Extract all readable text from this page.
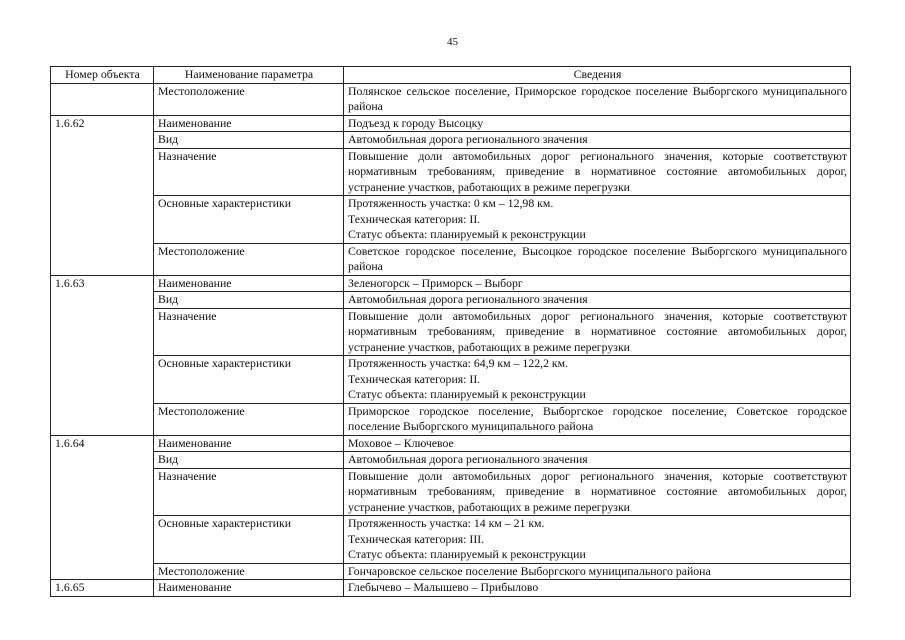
45
Номер объекта	Наименование параметра	Сведения
	Местоположение	Полянское сельское поселение, Приморское городское поселение Выборгского муниципального района

1.6.62	Наименование	Подъезд к городу Высоцку

	Вид	Автомобильная дорога регионального значения

	Назначение	Повышение доли автомобильных дорог регионального значения, которые соответствуют нормативным требованиям, приведение в нормативное состояние автомобильных дорог, устранение участков, работающих в режиме перегрузки

	Основные характеристики	Протяженность участка: 0 км – 12,98 км.
Техническая категория: II.
Статус объекта: планируемый к реконструкции

	Местоположение	Советское городское поселение, Высоцкое городское поселение Выборгского муниципального района

1.6.63	Наименование	Зеленогорск – Приморск – Выборг

	Вид	Автомобильная дорога регионального значения

	Назначение	Повышение доли автомобильных дорог регионального значения, которые соответствуют нормативным требованиям, приведение в нормативное состояние автомобильных дорог, устранение участков, работающих в режиме перегрузки

	Основные характеристики	Протяженность участка: 64,9 км – 122,2 км.
Техническая категория: II.
Статус объекта: планируемый к реконструкции

	Местоположение	Приморское городское поселение, Выборгское городское поселение, Советское городское поселение Выборгского муниципального района

1.6.64	Наименование	Моховое – Ключевое

	Вид	Автомобильная дорога регионального значения

	Назначение	Повышение доли автомобильных дорог регионального значения, которые соответствуют нормативным требованиям, приведение в нормативное состояние автомобильных дорог, устранение участков, работающих в режиме перегрузки

	Основные характеристики	Протяженность участка: 14 км – 21 км.
Техническая категория: III.
Статус объекта: планируемый к реконструкции

	Местоположение	Гончаровское сельское поселение Выборгского муниципального района

1.6.65	Наименование	Глебычево – Малышево – Прибылово
